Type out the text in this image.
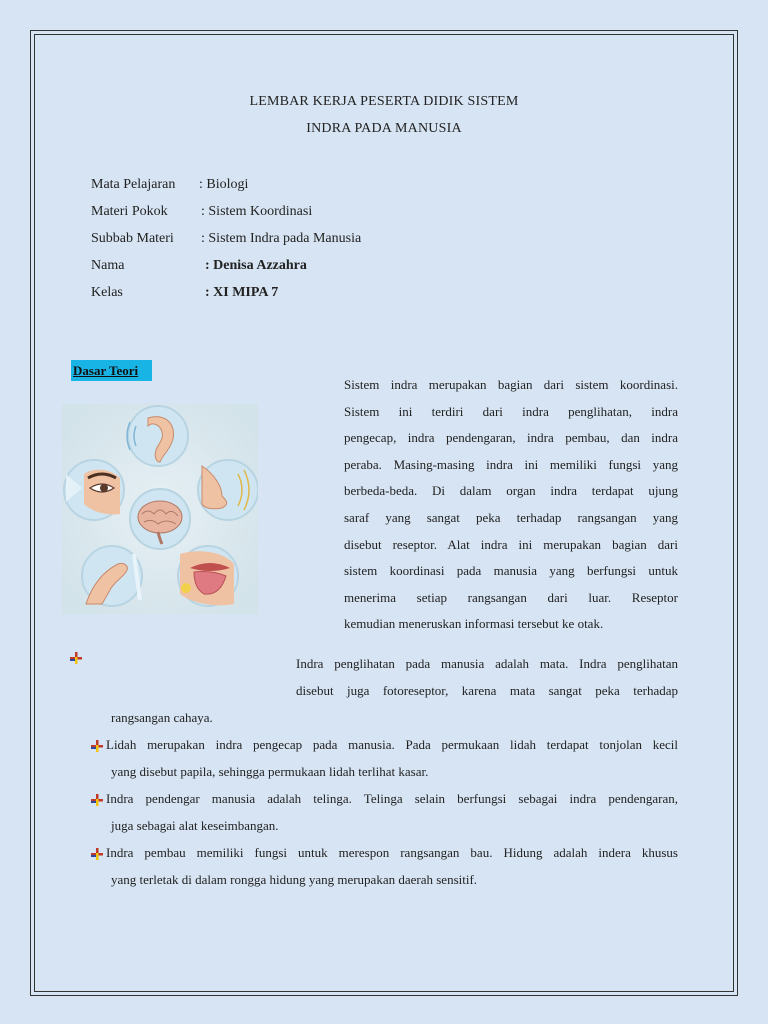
LEMBAR KERJA PESERTA DIDIK SISTEM
INDRA PADA MANUSIA
Mata Pelajaran : Biologi
Materi Pokok : Sistem Koordinasi
Subbab Materi : Sistem Indra pada Manusia
Nama	: Denisa Azzahra
Kelas	: XI MIPA 7
Dasar Teori
Sistem indra merupakan bagian dari sistem koordinasi.
Sistem ini terdiri dari indra penglihatan, indra
pengecap, indra pendengaran, indra pembau, dan indra
peraba. Masing-masing indra ini memiliki fungsi yang
berbeda-beda. Di dalam organ indra terdapat ujung
saraf yang sangat peka terhadap rangsangan yang
disebut reseptor. Alat indra ini merupakan bagian dari
sistem koordinasi pada manusia yang berfungsi untuk
menerima setiap rangsangan dari luar. Reseptor
kemudian meneruskan informasi tersebut ke otak.
Indra penglihatan pada manusia adalah mata. Indra penglihatan
disebut juga fotoreseptor, karena mata sangat peka terhadap
rangsangan cahaya.
Lidah merupakan indra pengecap pada manusia. Pada permukaan lidah terdapat tonjolan kecil
yang disebut papila, sehingga permukaan lidah terlihat kasar.
Indra pendengar manusia adalah telinga. Telinga selain berfungsi sebagai indra pendengaran,
juga sebagai alat keseimbangan.
Indra pembau memiliki fungsi untuk merespon rangsangan bau. Hidung adalah indera khusus
yang terletak di dalam rongga hidung yang merupakan daerah sensitif.
